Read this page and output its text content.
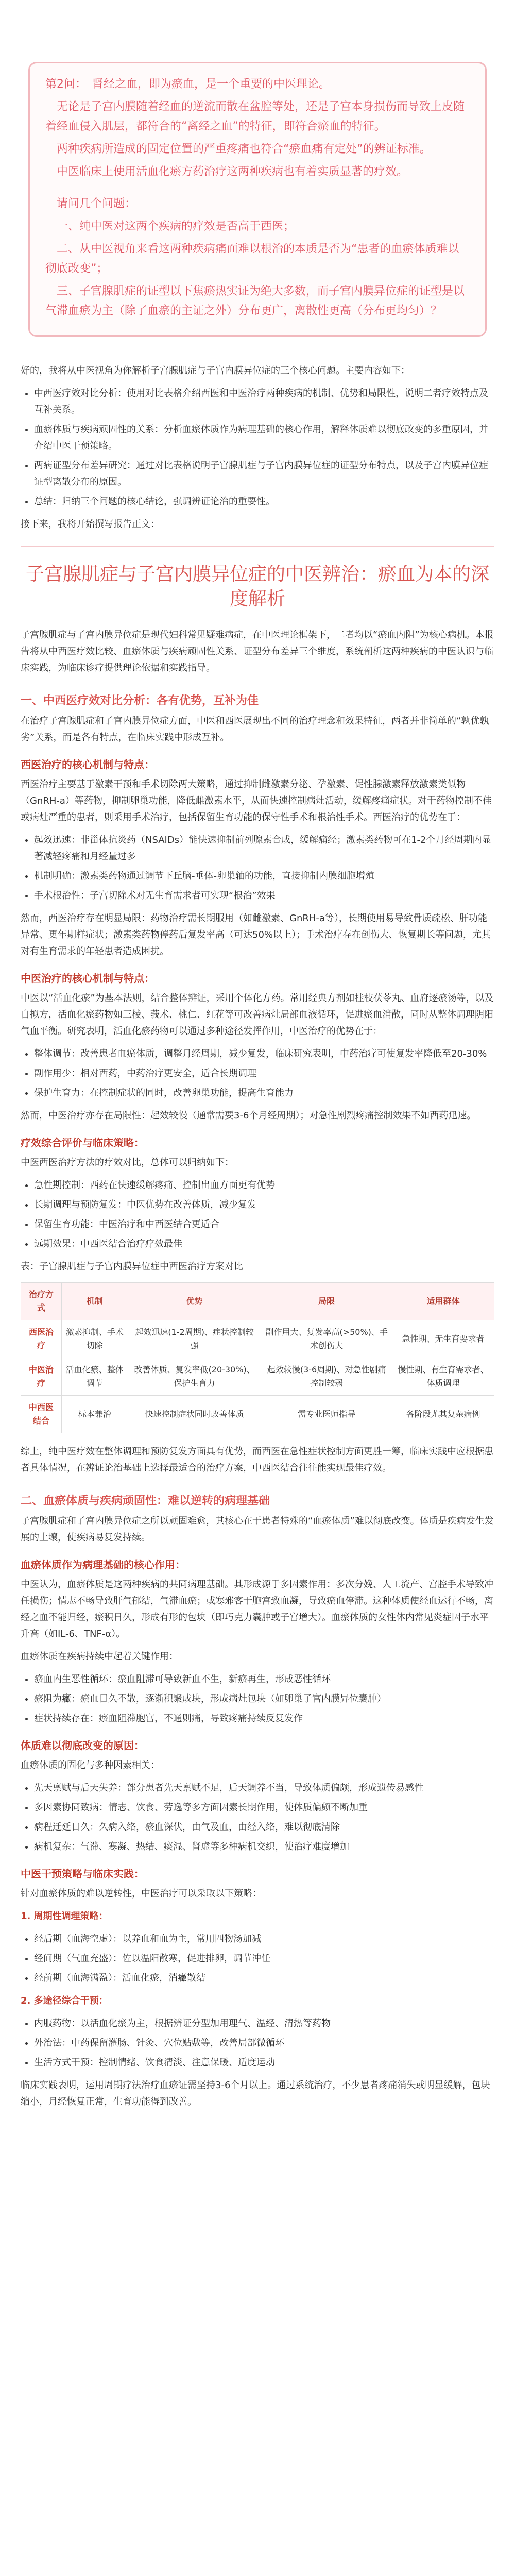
第2问：　肾经之血，即为瘀血，是一个重要的中医理论。

　无论是子宫内膜随着经血的逆流而散在盆腔等处，还是子宫本身损伤而导致上皮随着经血侵入肌层，都符合的“离经之血”的特征，即符合瘀血的特征。

　两种疾病所造成的固定位置的严重疼痛也符合“瘀血痛有定处”的辨证标准。

　中医临床上使用活血化瘀方药治疗这两种疾病也有着实质显著的疗效。

　请问几个问题：

　一、纯中医对这两个疾病的疗效是否高于西医；

　二、从中医视角来看这两种疾病痛面难以根治的本质是否为“患者的血瘀体质难以彻底改变”；

　三、子宫腺肌症的证型以下焦瘀热实证为绝大多数，而子宫内膜异位症的证型是以气滞血瘀为主（除了血瘀的主证之外）分布更广，离散性更高（分布更均匀）？

好的，我将从中医视角为你解析子宫腺肌症与子宫内膜异位症的三个核心问题。主要内容如下：

• 中西医疗效对比分析：使用对比表格介绍西医和中医治疗两种疾病的机制、优势和局限性，说明二者疗效特点及互补关系。
• 血瘀体质与疾病顽固性的关系：分析血瘀体质作为病理基础的核心作用，解释体质难以彻底改变的多重原因，并介绍中医干预策略。
• 两病证型分布差异研究：通过对比表格说明子宫腺肌症与子宫内膜异位症的证型分布特点，以及子宫内膜异位症证型离散分布的原因。
• 总结：归纳三个问题的核心结论，强调辨证论治的重要性。

接下来，我将开始撰写报告正文：

子宫腺肌症与子宫内膜异位症的中医辨治：瘀血为本的深度解析

子宫腺肌症与子宫内膜异位症是现代妇科常见疑难病症，在中医理论框架下，二者均以“瘀血内阻”为核心病机。本报告将从中西医疗效比较、血瘀体质与疾病顽固性关系、证型分布差异三个维度，系统剖析这两种疾病的中医认识与临床实践，为临床诊疗提供理论依据和实践指导。

一、中西医疗效对比分析：各有优势，互补为佳

在治疗子宫腺肌症和子宫内膜异位症方面，中医和西医展现出不同的治疗理念和效果特征，两者并非简单的“孰优孰劣”关系，而是各有特点，在临床实践中形成互补。

西医治疗的核心机制与特点：

西医治疗主要基于激素干预和手术切除两大策略，通过抑制雌激素分泌、孕激素、促性腺激素释放激素类似物（GnRH-a）等药物，抑制卵巢功能，降低雌激素水平，从而快速控制病灶活动，缓解疼痛症状。对于药物控制不佳或病灶严重的患者，则采用手术治疗，包括保留生育功能的保守性手术和根治性手术。西医治疗的优势在于：

• 起效迅速：非甾体抗炎药（NSAIDs）能快速抑制前列腺素合成，缓解痛经；激素类药物可在1-2个月经周期内显著减轻疼痛和月经量过多
• 机制明确：激素类药物通过调节下丘脑-垂体-卵巢轴的功能，直接抑制内膜细胞增殖
• 手术根治性：子宫切除术对无生育需求者可实现“根治”效果

然而，西医治疗存在明显局限：药物治疗需长期服用（如雌激素、GnRH-a等），长期使用易导致骨质疏松、肝功能异常、更年期样症状；激素类药物停药后复发率高（可达50%以上）；手术治疗存在创伤大、恢复期长等问题，尤其对有生育需求的年轻患者造成困扰。

中医治疗的核心机制与特点：

中医以“活血化瘀”为基本法则，结合整体辨证，采用个体化方药。常用经典方剂如桂枝茯苓丸、血府逐瘀汤等，以及自拟方，活血化瘀药物如三棱、莪术、桃仁、红花等可改善病灶局部血液循环，促进瘀血消散，同时从整体调理阴阳气血平衡。研究表明，活血化瘀药物可以通过多种途径发挥作用，中医治疗的优势在于：

• 整体调节：改善患者血瘀体质，调整月经周期，减少复发，临床研究表明，中药治疗可使复发率降低至20-30%
• 副作用少：相对西药，中药治疗更安全，适合长期调理
• 保护生育力：在控制症状的同时，改善卵巢功能，提高生育能力

然而，中医治疗亦存在局限性：起效较慢（通常需要3-6个月经周期）；对急性剧烈疼痛控制效果不如西药迅速。

疗效综合评价与临床策略：

中医西医治疗方法的疗效对比，总体可以归纳如下：

• 急性期控制：西药在快速缓解疼痛、控制出血方面更有优势
• 长期调理与预防复发：中医优势在改善体质，减少复发
• 保留生育功能：中医治疗和中西医结合更适合
• 远期效果：中西医结合治疗疗效最佳

表：子宫腺肌症与子宫内膜异位症中西医治疗方案对比

治疗方式	机制	优势	局限	适用群体
西医治疗	激素抑制、手术切除	起效迅速(1-2周期)、症状控制较强	副作用大、复发率高(>50%)、手术创伤大	急性期、无生育要求者
中医治疗	活血化瘀、整体调节	改善体质、复发率低(20-30%)、保护生育力	起效较慢(3-6周期)、对急性剧痛控制较弱	慢性期、有生育需求者、体质调理
中西医结合	标本兼治	快速控制症状同时改善体质	需专业医师指导	各阶段尤其复杂病例

综上，纯中医疗效在整体调理和预防复发方面具有优势，而西医在急性症状控制方面更胜一筹，临床实践中应根据患者具体情况，在辨证论治基础上选择最适合的治疗方案，中西医结合往往能实现最佳疗效。

二、血瘀体质与疾病顽固性：难以逆转的病理基础

子宫腺肌症和子宫内膜异位症之所以顽固难愈，其核心在于患者特殊的“血瘀体质”难以彻底改变。体质是疾病发生发展的土壤，使疾病易复发持续。

血瘀体质作为病理基础的核心作用：

中医认为，血瘀体质是这两种疾病的共同病理基础。其形成源于多因素作用：多次分娩、人工流产、宫腔手术导致冲任损伤；情志不畅导致肝气郁结，气滞血瘀；或寒邪客于胞宫致血凝，导致瘀血停滞。这种体质使经血运行不畅，离经之血不能归经，瘀积日久，形成有形的包块（即巧克力囊肿或子宫增大）。血瘀体质的女性体内常见炎症因子水平升高（如IL-6、TNF-α）。

血瘀体质在疾病持续中起着关键作用：

• 瘀血内生恶性循环：瘀血阻滞可导致新血不生，新瘀再生，形成恶性循环
• 瘀阻为癥：瘀血日久不散，逐渐积聚成块，形成病灶包块（如卵巢子宫内膜异位囊肿）
• 症状持续存在：瘀血阻滞胞宫，不通则痛，导致疼痛持续反复发作
体质难以彻底改变的原因：

血瘀体质的固化与多种因素相关：

• 先天禀赋与后天失养：部分患者先天禀赋不足，后天调养不当，导致体质偏颇，形成遗传易感性
• 多因素协同致病：情志、饮食、劳逸等多方面因素长期作用，使体质偏颇不断加重
• 病程迁延日久：久病入络，瘀血深伏，由气及血，由经入络，难以彻底清除
• 病机复杂：气滞、寒凝、热结、痰湿、肾虚等多种病机交织，使治疗难度增加
中医干预策略与临床实践：

针对血瘀体质的难以逆转性，中医治疗可以采取以下策略：

1. 周期性调理策略：

• 经后期（血海空虚）：以养血和血为主，常用四物汤加减
• 经间期（气血充盛）：佐以温阳散寒，促进排卵，调节冲任
• 经前期（血海满盈）：活血化瘀，消癥散结

2. 多途径综合干预：

• 内服药物：以活血化瘀为主，根据辨证分型加用理气、温经、清热等药物
• 外治法：中药保留灌肠、针灸、穴位贴敷等，改善局部微循环
• 生活方式干预：控制情绪、饮食清淡、注意保暖、适度运动

临床实践表明，运用周期疗法治疗血瘀证需坚持3-6个月以上。通过系统治疗，不少患者疼痛消失或明显缓解，包块缩小，月经恢复正常，生育功能得到改善。
